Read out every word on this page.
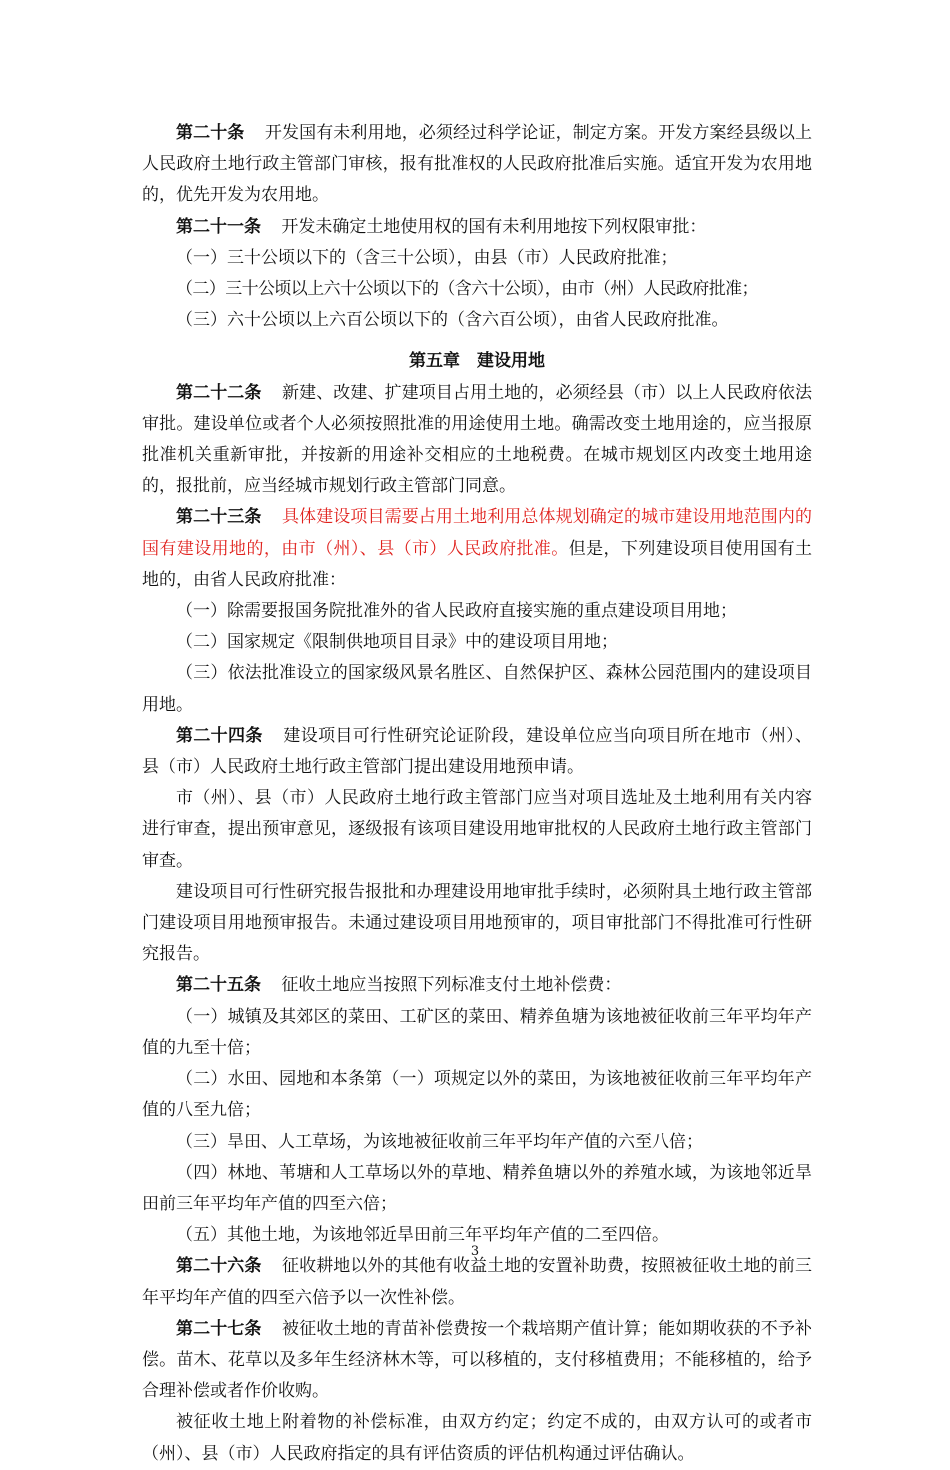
第二十条 开发国有未利用地，必须经过科学论证，制定方案。开发方案经县级以上人民政府土地行政主管部门审核，报有批准权的人民政府批准后实施。适宜开发为农用地的，优先开发为农用地。

第二十一条 开发未确定土地使用权的国有未利用地按下列权限审批：

（一）三十公顷以下的（含三十公顷），由县（市）人民政府批准；

（二）三十公顷以上六十公顷以下的（含六十公顷），由市（州）人民政府批准；

（三）六十公顷以上六百公顷以下的（含六百公顷），由省人民政府批准。

第五章 建设用地

第二十二条 新建、改建、扩建项目占用土地的，必须经县（市）以上人民政府依法审批。建设单位或者个人必须按照批准的用途使用土地。确需改变土地用途的，应当报原批准机关重新审批，并按新的用途补交相应的土地税费。在城市规划区内改变土地用途的，报批前，应当经城市规划行政主管部门同意。

第二十三条 具体建设项目需要占用土地利用总体规划确定的城市建设用地范围内的国有建设用地的，由市（州）、县（市）人民政府批准。但是，下列建设项目使用国有土地的，由省人民政府批准：

（一）除需要报国务院批准外的省人民政府直接实施的重点建设项目用地；

（二）国家规定《限制供地项目目录》中的建设项目用地；

（三）依法批准设立的国家级风景名胜区、自然保护区、森林公园范围内的建设项目用地。

第二十四条 建设项目可行性研究论证阶段，建设单位应当向项目所在地市（州）、县（市）人民政府土地行政主管部门提出建设用地预申请。

市（州）、县（市）人民政府土地行政主管部门应当对项目选址及土地利用有关内容进行审查，提出预审意见，逐级报有该项目建设用地审批权的人民政府土地行政主管部门审查。

建设项目可行性研究报告报批和办理建设用地审批手续时，必须附具土地行政主管部门建设项目用地预审报告。未通过建设项目用地预审的，项目审批部门不得批准可行性研究报告。

第二十五条 征收土地应当按照下列标准支付土地补偿费：

（一）城镇及其郊区的菜田、工矿区的菜田、精养鱼塘为该地被征收前三年平均年产值的九至十倍；

（二）水田、园地和本条第（一）项规定以外的菜田，为该地被征收前三年平均年产值的八至九倍；

（三）旱田、人工草场，为该地被征收前三年平均年产值的六至八倍；

（四）林地、苇塘和人工草场以外的草地、精养鱼塘以外的养殖水域，为该地邻近旱田前三年平均年产值的四至六倍；

（五）其他土地，为该地邻近旱田前三年平均年产值的二至四倍。

第二十六条 征收耕地以外的其他有收益土地的安置补助费，按照被征收土地的前三年平均年产值的四至六倍予以一次性补偿。

第二十七条 被征收土地的青苗补偿费按一个栽培期产值计算；能如期收获的不予补偿。苗木、花草以及多年生经济林木等，可以移植的，支付移植费用；不能移植的，给予合理补偿或者作价收购。

被征收土地上附着物的补偿标准，由双方约定；约定不成的，由双方认可的或者市（州）、县（市）人民政府指定的具有评估资质的评估机构通过评估确认。

3
